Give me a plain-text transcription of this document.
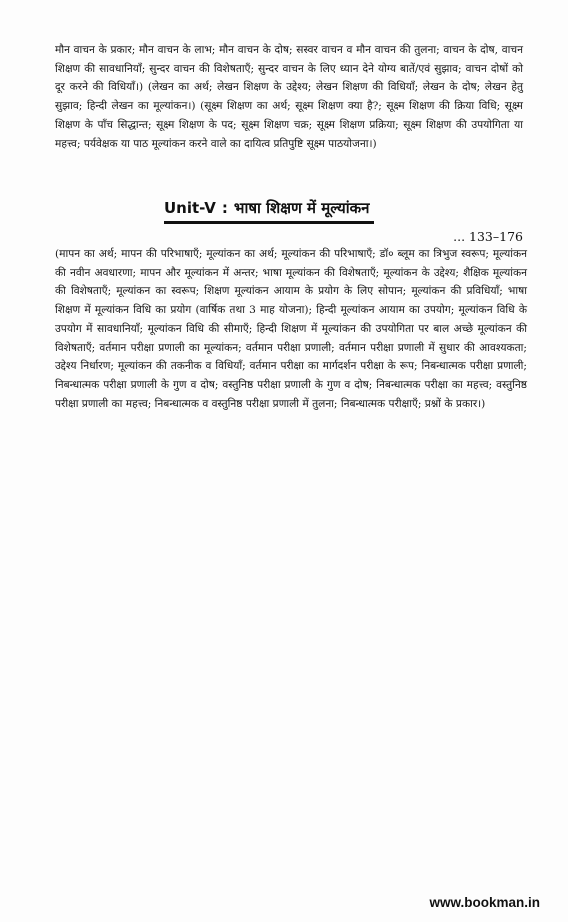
मौन वाचन के प्रकार; मौन वाचन के लाभ; मौन वाचन के दोष; सस्वर वाचन व मौन वाचन की तुलना; वाचन के दोष, वाचन शिक्षण की सावधानियाँ; सुन्दर वाचन की विशेषताएँ; सुन्दर वाचन के लिए ध्यान देने योग्य बातें/एवं सुझाव; वाचन दोषों को दूर करने की विधियाँ।) (लेखन का अर्थ; लेखन शिक्षण के उद्देश्य; लेखन शिक्षण की विधियाँ; लेखन के दोष; लेखन हेतु सुझाव; हिन्दी लेखन का मूल्यांकन।) (सूक्ष्म शिक्षण का अर्थ; सूक्ष्म शिक्षण क्या है?; सूक्ष्म शिक्षण की क्रिया विधि; सूक्ष्म शिक्षण के पाँच सिद्धान्त; सूक्ष्म शिक्षण के पद; सूक्ष्म शिक्षण चक्र; सूक्ष्म शिक्षण प्रक्रिया; सूक्ष्म शिक्षण की उपयोगिता या महत्त्व; पर्यवेक्षक या पाठ मूल्यांकन करने वाले का दायित्व प्रतिपुष्टि सूक्ष्म पाठयोजना।)

Unit-V : भाषा शिक्षण में मूल्यांकन
... 133–176

(मापन का अर्थ; मापन की परिभाषाएँ; मूल्यांकन का अर्थ; मूल्यांकन की परिभाषाएँ; डॉ० ब्लूम का त्रिभुज स्वरूप; मूल्यांकन की नवीन अवधारणा; मापन और मूल्यांकन में अन्तर; भाषा मूल्यांकन की विशेषताएँ; मूल्यांकन के उद्देश्य; शैक्षिक मूल्यांकन की विशेषताएँ; मूल्यांकन का स्वरूप; शिक्षण मूल्यांकन आयाम के प्रयोग के लिए सोपान; मूल्यांकन की प्रविधियाँ; भाषा शिक्षण में मूल्यांकन विधि का प्रयोग (वार्षिक तथा 3 माह योजना); हिन्दी मूल्यांकन आयाम का उपयोग; मूल्यांकन विधि के उपयोग में सावधानियाँ; मूल्यांकन विधि की सीमाएँ; हिन्दी शिक्षण में मूल्यांकन की उपयोगिता पर बाल अच्छे मूल्यांकन की विशेषताएँ; वर्तमान परीक्षा प्रणाली का मूल्यांकन; वर्तमान परीक्षा प्रणाली; वर्तमान परीक्षा प्रणाली में सुधार की आवश्यकता; उद्देश्य निर्धारण; मूल्यांकन की तकनीक व विधियाँ; वर्तमान परीक्षा का मार्गदर्शन परीक्षा के रूप; निबन्धात्मक परीक्षा प्रणाली; निबन्धात्मक परीक्षा प्रणाली के गुण व दोष; वस्तुनिष्ठ परीक्षा प्रणाली के गुण व दोष; निबन्धात्मक परीक्षा का महत्त्व; वस्तुनिष्ठ परीक्षा प्रणाली का महत्त्व; निबन्धात्मक व वस्तुनिष्ठ परीक्षा प्रणाली में तुलना; निबन्धात्मक परीक्षाएँ; प्रश्नों के प्रकार।)

www.bookman.in
